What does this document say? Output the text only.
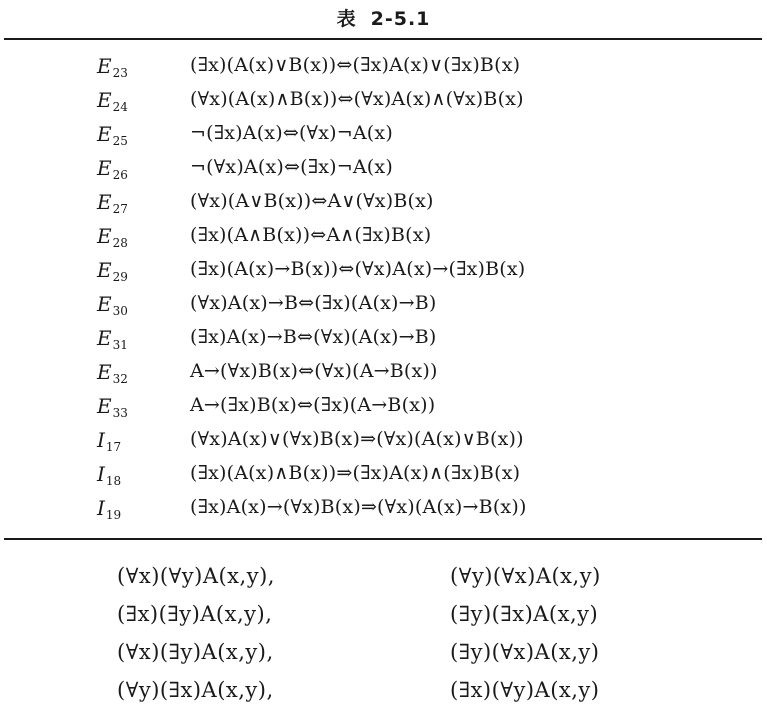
表 2-5.1
$E_{23}$	(∃x)(A(x)∨B(x))⇔(∃x)A(x)∨(∃x)B(x)
$E_{24}$	(∀x)(A(x)∧B(x))⇔(∀x)A(x)∧(∀x)B(x)
$E_{25}$	¬(∃x)A(x)⇔(∀x)¬A(x)
$E_{26}$	¬(∀x)A(x)⇔(∃x)¬A(x)
$E_{27}$	(∀x)(A∨B(x))⇔A∨(∀x)B(x)
$E_{28}$	(∃x)(A∧B(x))⇔A∧(∃x)B(x)
$E_{29}$	(∃x)(A(x)→B(x))⇔(∀x)A(x)→(∃x)B(x)
$E_{30}$	(∀x)A(x)→B⇔(∃x)(A(x)→B)
$E_{31}$	(∃x)A(x)→B⇔(∀x)(A(x)→B)
$E_{32}$	A→(∀x)B(x)⇔(∀x)(A→B(x))
$E_{33}$	A→(∃x)B(x)⇔(∃x)(A→B(x))
$I_{17}$	(∀x)A(x)∨(∀x)B(x)⇒(∀x)(A(x)∨B(x))
$I_{18}$	(∃x)(A(x)∧B(x))⇒(∃x)A(x)∧(∃x)B(x)
$I_{19}$	(∃x)A(x)→(∀x)B(x)⇒(∀x)(A(x)→B(x))
(∀x)(∀y)A(x,y),	(∀y)(∀x)A(x,y)
(∃x)(∃y)A(x,y),	(∃y)(∃x)A(x,y)
(∀x)(∃y)A(x,y),	(∃y)(∀x)A(x,y)
(∀y)(∃x)A(x,y),	(∃x)(∀y)A(x,y)
